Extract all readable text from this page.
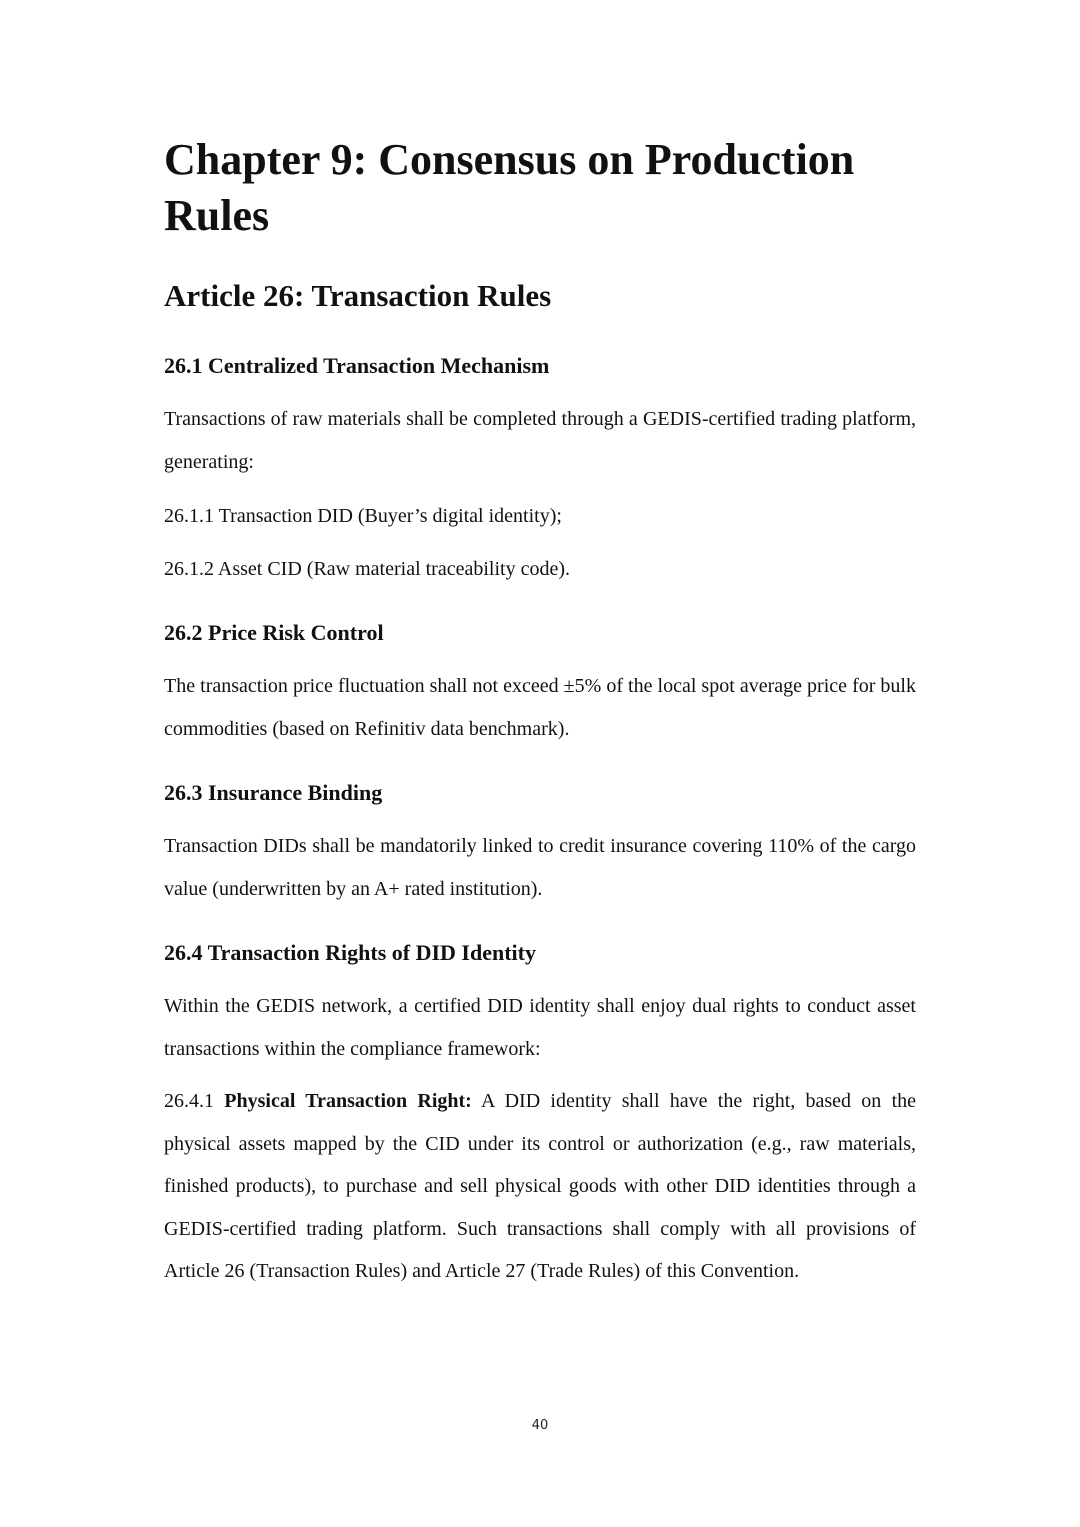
Chapter 9: Consensus on Production Rules
Article 26: Transaction Rules
26.1 Centralized Transaction Mechanism

Transactions of raw materials shall be completed through a GEDIS-certified trading platform, generating:

26.1.1 Transaction DID (Buyer’s digital identity);

26.1.2 Asset CID (Raw material traceability code).

26.2 Price Risk Control

The transaction price fluctuation shall not exceed ±5% of the local spot average price for bulk commodities (based on Refinitiv data benchmark).

26.3 Insurance Binding

Transaction DIDs shall be mandatorily linked to credit insurance covering 110% of the cargo value (underwritten by an A+ rated institution).

26.4 Transaction Rights of DID Identity

Within the GEDIS network, a certified DID identity shall enjoy dual rights to conduct asset transactions within the compliance framework:

26.4.1 Physical Transaction Right: A DID identity shall have the right, based on the physical assets mapped by the CID under its control or authorization (e.g., raw materials, finished products), to purchase and sell physical goods with other DID identities through a GEDIS-certified trading platform. Such transactions shall comply with all provisions of Article 26 (Transaction Rules) and Article 27 (Trade Rules) of this Convention.

40
